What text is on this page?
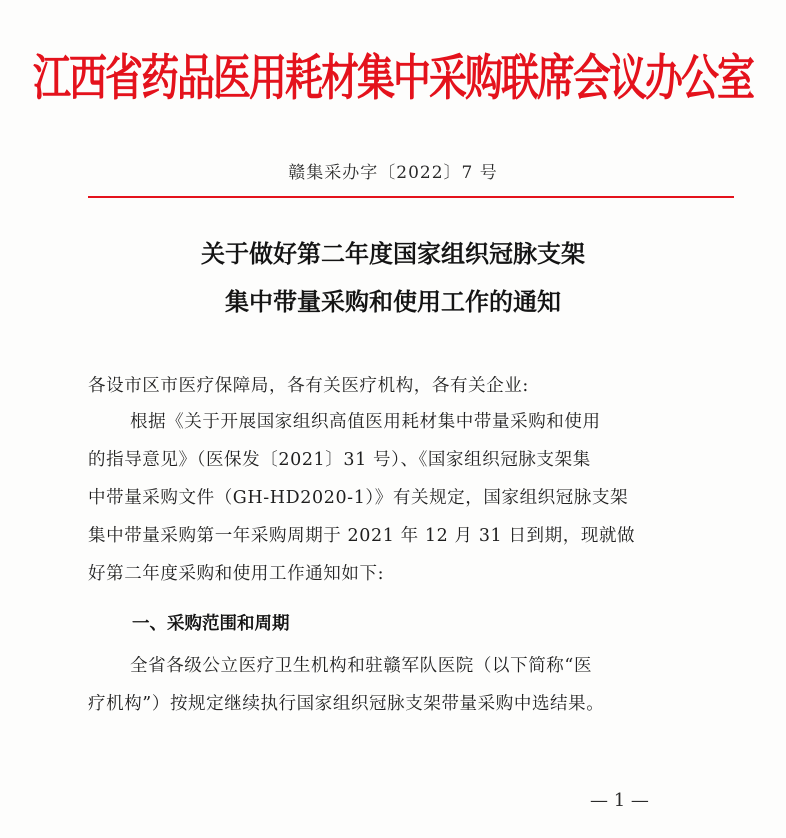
江西省药品医用耗材集中采购联席会议办公室
赣集采办字〔2022〕7 号
关于做好第二年度国家组织冠脉支架
集中带量采购和使用工作的通知
各设市区市医疗保障局，各有关医疗机构，各有关企业:
根据《关于开展国家组织高值医用耗材集中带量采购和使用
的指导意见》（医保发〔2021〕31 号）、《国家组织冠脉支架集
中带量采购文件（GH-HD2020-1）》有关规定，国家组织冠脉支架
集中带量采购第一年采购周期于 2021 年 12 月 31 日到期，现就做
好第二年度采购和使用工作通知如下:
一、采购范围和周期
全省各级公立医疗卫生机构和驻赣军队医院（以下简称“医
疗机构”）按规定继续执行国家组织冠脉支架带量采购中选结果。
— 1 —
